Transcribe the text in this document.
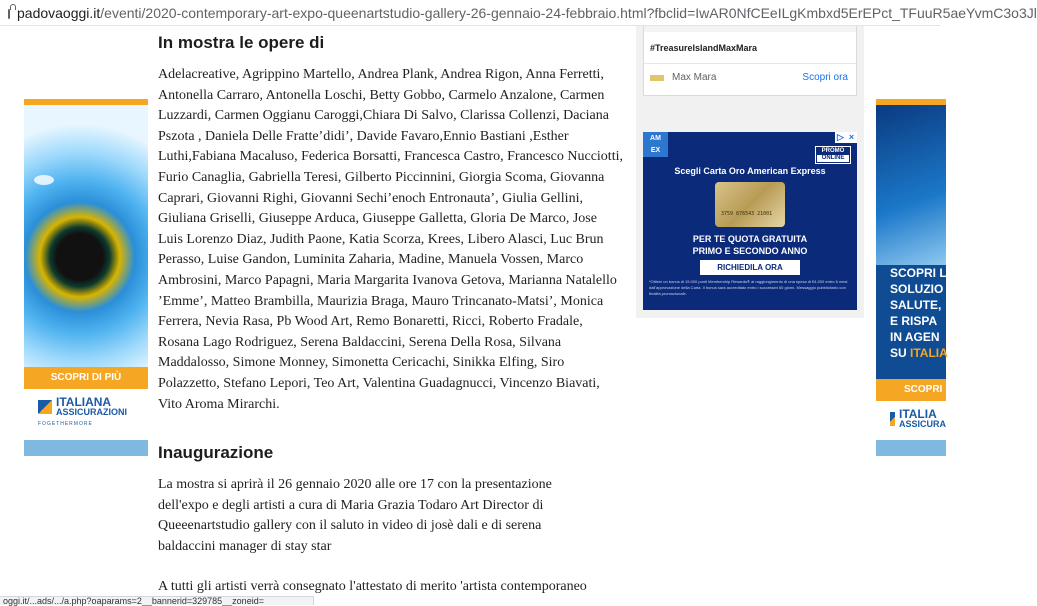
padovaoggi.it /eventi/2020-contemporary-art-expo-queenartstudio-gallery-26-gennaio-24-febbraio.html?fbclid=IwAR0NfCEeILgKmbxd5ErEPct_TFuuR5aeYvmC3o3Jl
SCOPRI DI PIÙ
ITALIANA
ASSICURAZIONI
FOGETHERMORE
In mostra le opere di

Adelacreative, Agrippino Martello, Andrea Plank, Andrea Rigon, Anna Ferretti, Antonella Carraro, Antonella Loschi, Betty Gobbo, Carmelo Anzalone, Carmen Luzzardi, Carmen Oggianu Caroggi,Chiara Di Salvo, Clarissa Collenzi, Daciana Pszota , Daniela Delle Fratte’didi’, Davide Favaro,Ennio Bastiani ,Esther Luthi,Fabiana Macaluso, Federica Borsatti, Francesca Castro, Francesco Nucciotti, Furio Canaglia, Gabriella Teresi, Gilberto Piccinnini, Giorgia Scoma, Giovanna Caprari, Giovanni Righi, Giovanni Sechi’enoch Entronauta’, Giulia Gellini, Giuliana Griselli, Giuseppe Arduca, Giuseppe Galletta, Gloria De Marco, Jose Luis Lorenzo Diaz, Judith Paone, Katia Scorza, Krees, Libero Alasci, Luc Brun Perasso, Luise Gandon, Luminita Zaharia, Madine, Manuela Vossen, Marco Ambrosini, Marco Papagni, Maria Margarita Ivanova Getova, Marianna Natalello ’Emme’, Matteo Brambilla, Maurizia Braga, Mauro Trincanato-Matsi’, Monica Ferrera, Nevia Rasa, Pb Wood Art, Remo Bonaretti, Ricci, Roberto Fradale, Rosana Lago Rodriguez, Serena Baldaccini, Serena Della Rosa, Silvana Maddalosso, Simone Monney, Simonetta Cericachi, Sinikka Elfing, Siro Polazzetto, Stefano Lepori, Teo Art, Valentina Guadagnucci, Vincenzo Biavati, Vito Aroma Mirarchi.

Inaugurazione

La mostra si aprirà il 26 gennaio 2020 alle ore 17 con la presentazione dell'expo e degli artisti a cura di Maria Grazia Todaro Art Director di Queeenartstudio gallery con il saluto in video di josè dali e di serena baldaccini manager di stay star

A tutti gli artisti verrà consegnato l'attestato di merito 'artista contemporaneo

#TreasureIslandMaxMara
Max Mara	Scopri ora
AM
EX
▷ ×
PROMO
ONLINE
Scegli Carta Oro American Express
3759 876543 21001
PER TE QUOTA GRATUITA
PRIMO E SECONDO ANNO
RICHIEDILA ORA
*Ottieni un bonus di 15.000 punti Membership Rewards® al raggiungimento di una spesa di €4.000 entro 6 mesi dall'approvazione della Carta. Il bonus sarà accreditato entro i successivi 60 giorni. Messaggio pubblicitario con finalità promozionale.
SCOPRI L
SOLUZIO
SALUTE,
E RISPA
IN AGEN
SU ITALIA
SCOPRI
ITALIA
ASSICURA
oggi.it/...ads/.../a.php?oaparams=2__bannerid=329785__zoneid=
